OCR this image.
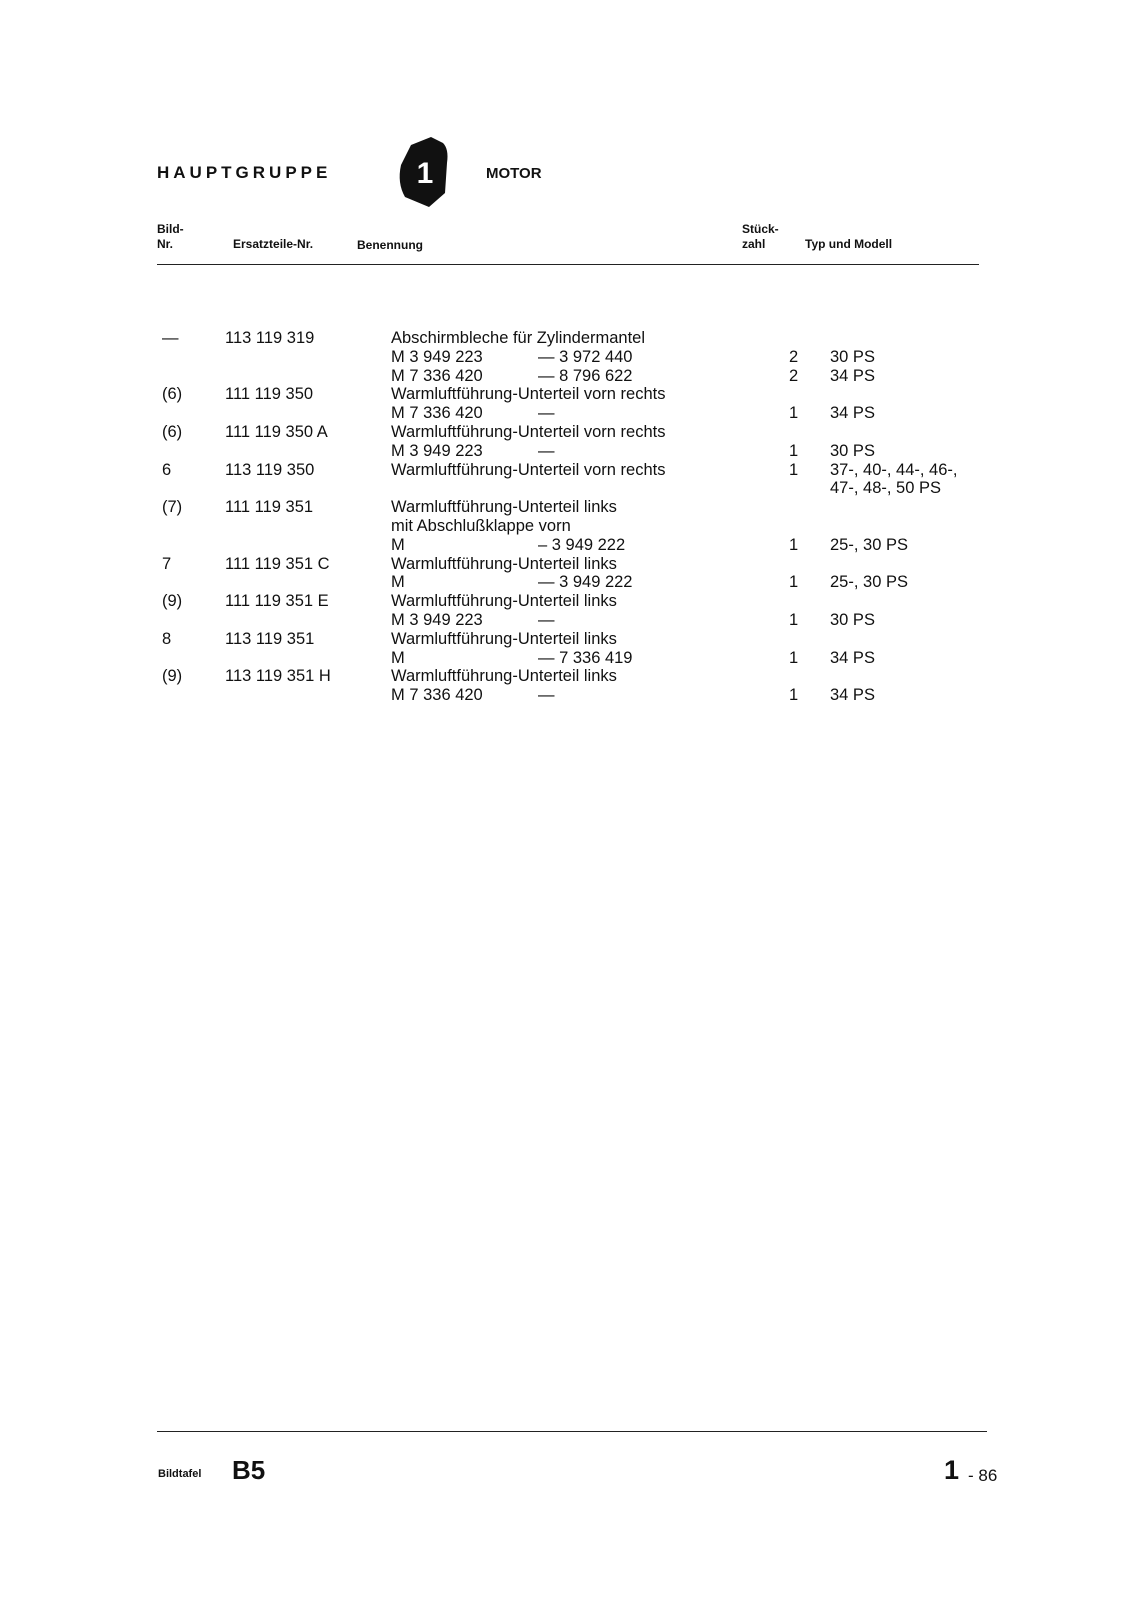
HAUPTGRUPPE	1	MOTOR
Bild-
Nr.	Ersatzteile-Nr.	Benennung
Stück-
zahl	Typ und Modell
—	113 119 319	Abschirmbleche für Zylindermantel
M 3 949 223	— 3 972 440	2 30 PS
M 7 336 420	— 8 796 622	2 34 PS
(6)	111 119 350	Warmluftführung-Unterteil vorn rechts
M 7 336 420	—	1 34 PS
(6)	111 119 350 A	Warmluftführung-Unterteil vorn rechts
M 3 949 223	—	1 30 PS
6	113 119 350	Warmluftführung-Unterteil vorn rechts	1 37-, 40-, 44-, 46-,
47-, 48-, 50 PS
(7)	111 119 351	Warmluftführung-Unterteil links
mit Abschlußklappe vorn
M	– 3 949 222	1 25-, 30 PS
7	111 119 351 C	Warmluftführung-Unterteil links
M	— 3 949 222	1 25-, 30 PS
(9)	111 119 351 E	Warmluftführung-Unterteil links
M 3 949 223	—	1 30 PS
8	113 119 351	Warmluftführung-Unterteil links
M	— 7 336 419	1 34 PS
(9)	113 119 351 H	Warmluftführung-Unterteil links
M 7 336 420	—	1 34 PS
Bildtafel B5	1 - 86
